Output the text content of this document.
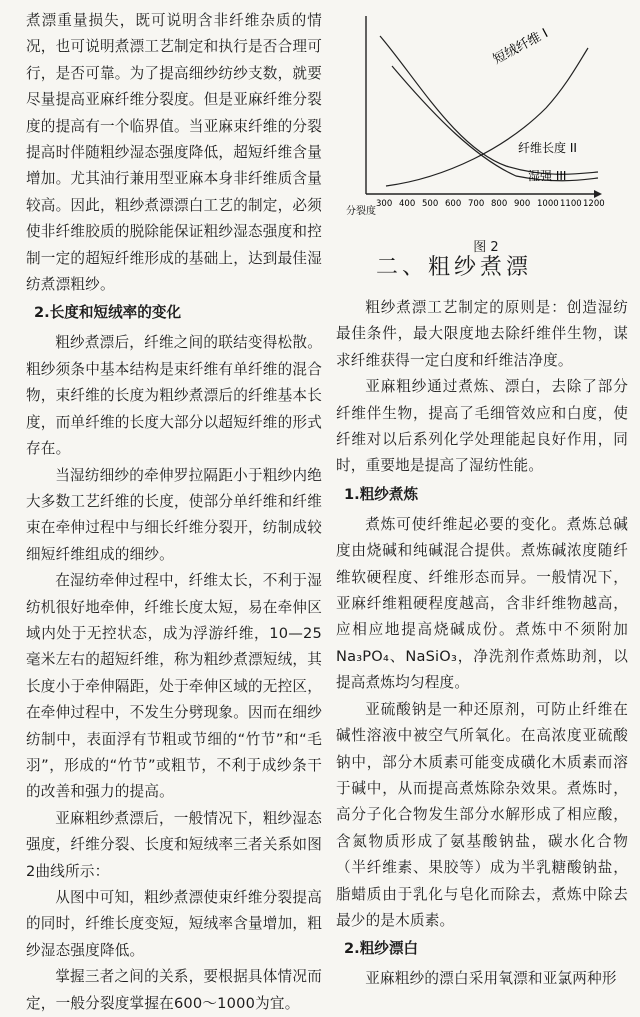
煮漂重量损失，既可说明含非纤维杂质的情况，也可说明煮漂工艺制定和执行是否合理可行，是否可靠。为了提高细纱纺纱支数，就要尽量提高亚麻纤维分裂度。但是亚麻纤维分裂度的提高有一个临界值。当亚麻束纤维的分裂提高时伴随粗纱湿态强度降低，超短纤维含量增加。尤其油行兼用型亚麻本身非纤维质含量较高。因此，粗纱煮漂漂白工艺的制定，必须使非纤维胶质的脱除能保证粗纱湿态强度和控制一定的超短纤维形成的基础上，达到最佳湿纺煮漂粗纱。

2.长度和短绒率的变化

粗纱煮漂后，纤维之间的联结变得松散。粗纱须条中基本结构是束纤维有单纤维的混合物，束纤维的长度为粗纱煮漂后的纤维基本长度，而单纤维的长度大部分以超短纤维的形式存在。

当湿纺细纱的牵伸罗拉隔距小于粗纱内绝大多数工艺纤维的长度，使部分单纤维和纤维束在牵伸过程中与细长纤维分裂开，纺制成较细短纤维组成的细纱。

在湿纺牵伸过程中，纤维太长，不利于湿纺机很好地牵伸，纤维长度太短，易在牵伸区域内处于无控状态，成为浮游纤维，10—25毫米左右的超短纤维，称为粗纱煮漂短绒，其长度小于牵伸隔距，处于牵伸区域的无控区，在牵伸过程中，不发生分劈现象。因而在细纱纺制中，表面浮有节粗或节细的“竹节”和“毛羽”，形成的“竹节”或粗节，不利于成纱条干的改善和强力的提高。

亚麻粗纱煮漂后，一般情况下，粗纱湿态强度，纤维分裂、长度和短绒率三者关系如图2曲线所示：

从图中可知，粗纱煮漂使束纤维分裂提高的同时，纤维长度变短，短绒率含量增加，粗纱湿态强度降低。

掌握三者之间的关系，要根据具体情况而定，一般分裂度掌握在600～1000为宜。

短绒纤维 I
纤维长度 II
湿强 III
分裂度
300 400 500 600 700 800 900 1000 1100 1200
图 2
二、粗纱煮漂

粗纱煮漂工艺制定的原则是：创造湿纺最佳条件，最大限度地去除纤维伴生物，谋求纤维获得一定白度和纤维洁净度。

亚麻粗纱通过煮炼、漂白，去除了部分纤维伴生物，提高了毛细管效应和白度，使纤维对以后系列化学处理能起良好作用，同时，重要地是提高了湿纺性能。

1.粗纱煮炼

煮炼可使纤维起必要的变化。煮炼总碱度由烧碱和纯碱混合提供。煮炼碱浓度随纤维软硬程度、纤维形态而异。一般情况下，亚麻纤维粗硬程度越高，含非纤维物越高，应相应地提高烧碱成份。煮炼中不须附加Na₃PO₄、NaSiO₃，净洗剂作煮炼助剂，以提高煮炼均匀程度。

亚硫酸钠是一种还原剂，可防止纤维在碱性溶液中被空气所氧化。在高浓度亚硫酸钠中，部分木质素可能变成磺化木质素而溶于碱中，从而提高煮炼除杂效果。煮炼时，高分子化合物发生部分水解形成了相应酸，含氮物质形成了氨基酸钠盐，碳水化合物（半纤维素、果胶等）成为半乳糖酸钠盐，脂蜡质由于乳化与皂化而除去，煮炼中除去最少的是木质素。

2.粗纱漂白

亚麻粗纱的漂白采用氧漂和亚氯两种形
